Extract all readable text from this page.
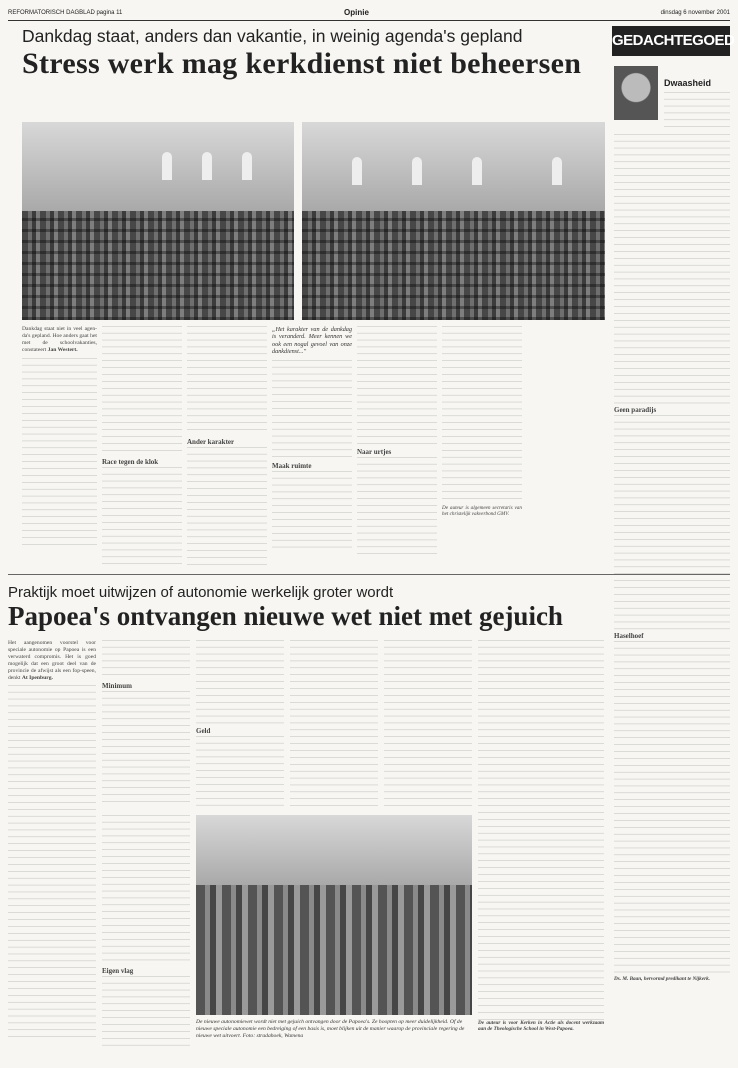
REFORMATORISCH DAGBLAD pagina 11	Opinie	dinsdag 6 november 2001
Dankdag staat, anders dan vakantie, in weinig agenda's gepland
Stress werk mag kerkdienst niet beheersen
Dankdag staat niet in veel agen-da's gepland. Hoe anders gaat het met de schoolvakanties, constateert Jan Westert.
Race tegen de klok
Ander karakter
„Het karakter van de dankdag is veranderd. Meer kennen we ook een nogal gevoel van onze dankdienst..."
Maak ruimte
Naar urtjes
De auteur is algemeen secretaris van het christelijk vakverbond GMV.
GEDACHTEGOED
Dwaasheid
Geen paradijs
Haselhoef
Ds. M. Baan, hervormd predikant te Nijkerk.
Praktijk moet uitwijzen of autonomie werkelijk groter wordt
Papoea's ontvangen nieuwe wet niet met gejuich
Het aangenomen voorstel voor speciale autonomie op Papoea is een verwaterd compromis. Het is goed mogelijk dat een groot deel van de provincie de afwijst als een fop-speen, denkt At Ipenburg.
Minimum
Geld
Eigen vlag
De auteur is voor Kerken in Actie als docent werkzaam aan de Theologische School in West-Papoea.
De nieuwe autonomiewet wordt niet met gejuich ontvangen door de Papoea's. Ze hoopten op meer duidelijkheid. Of de nieuwe speciale autonomie een bedreiging of een basis is, moet blijken uit de manier waarop de provinciale regering de nieuwe wet uitvoert. Foto: stradahoek, Wamena
